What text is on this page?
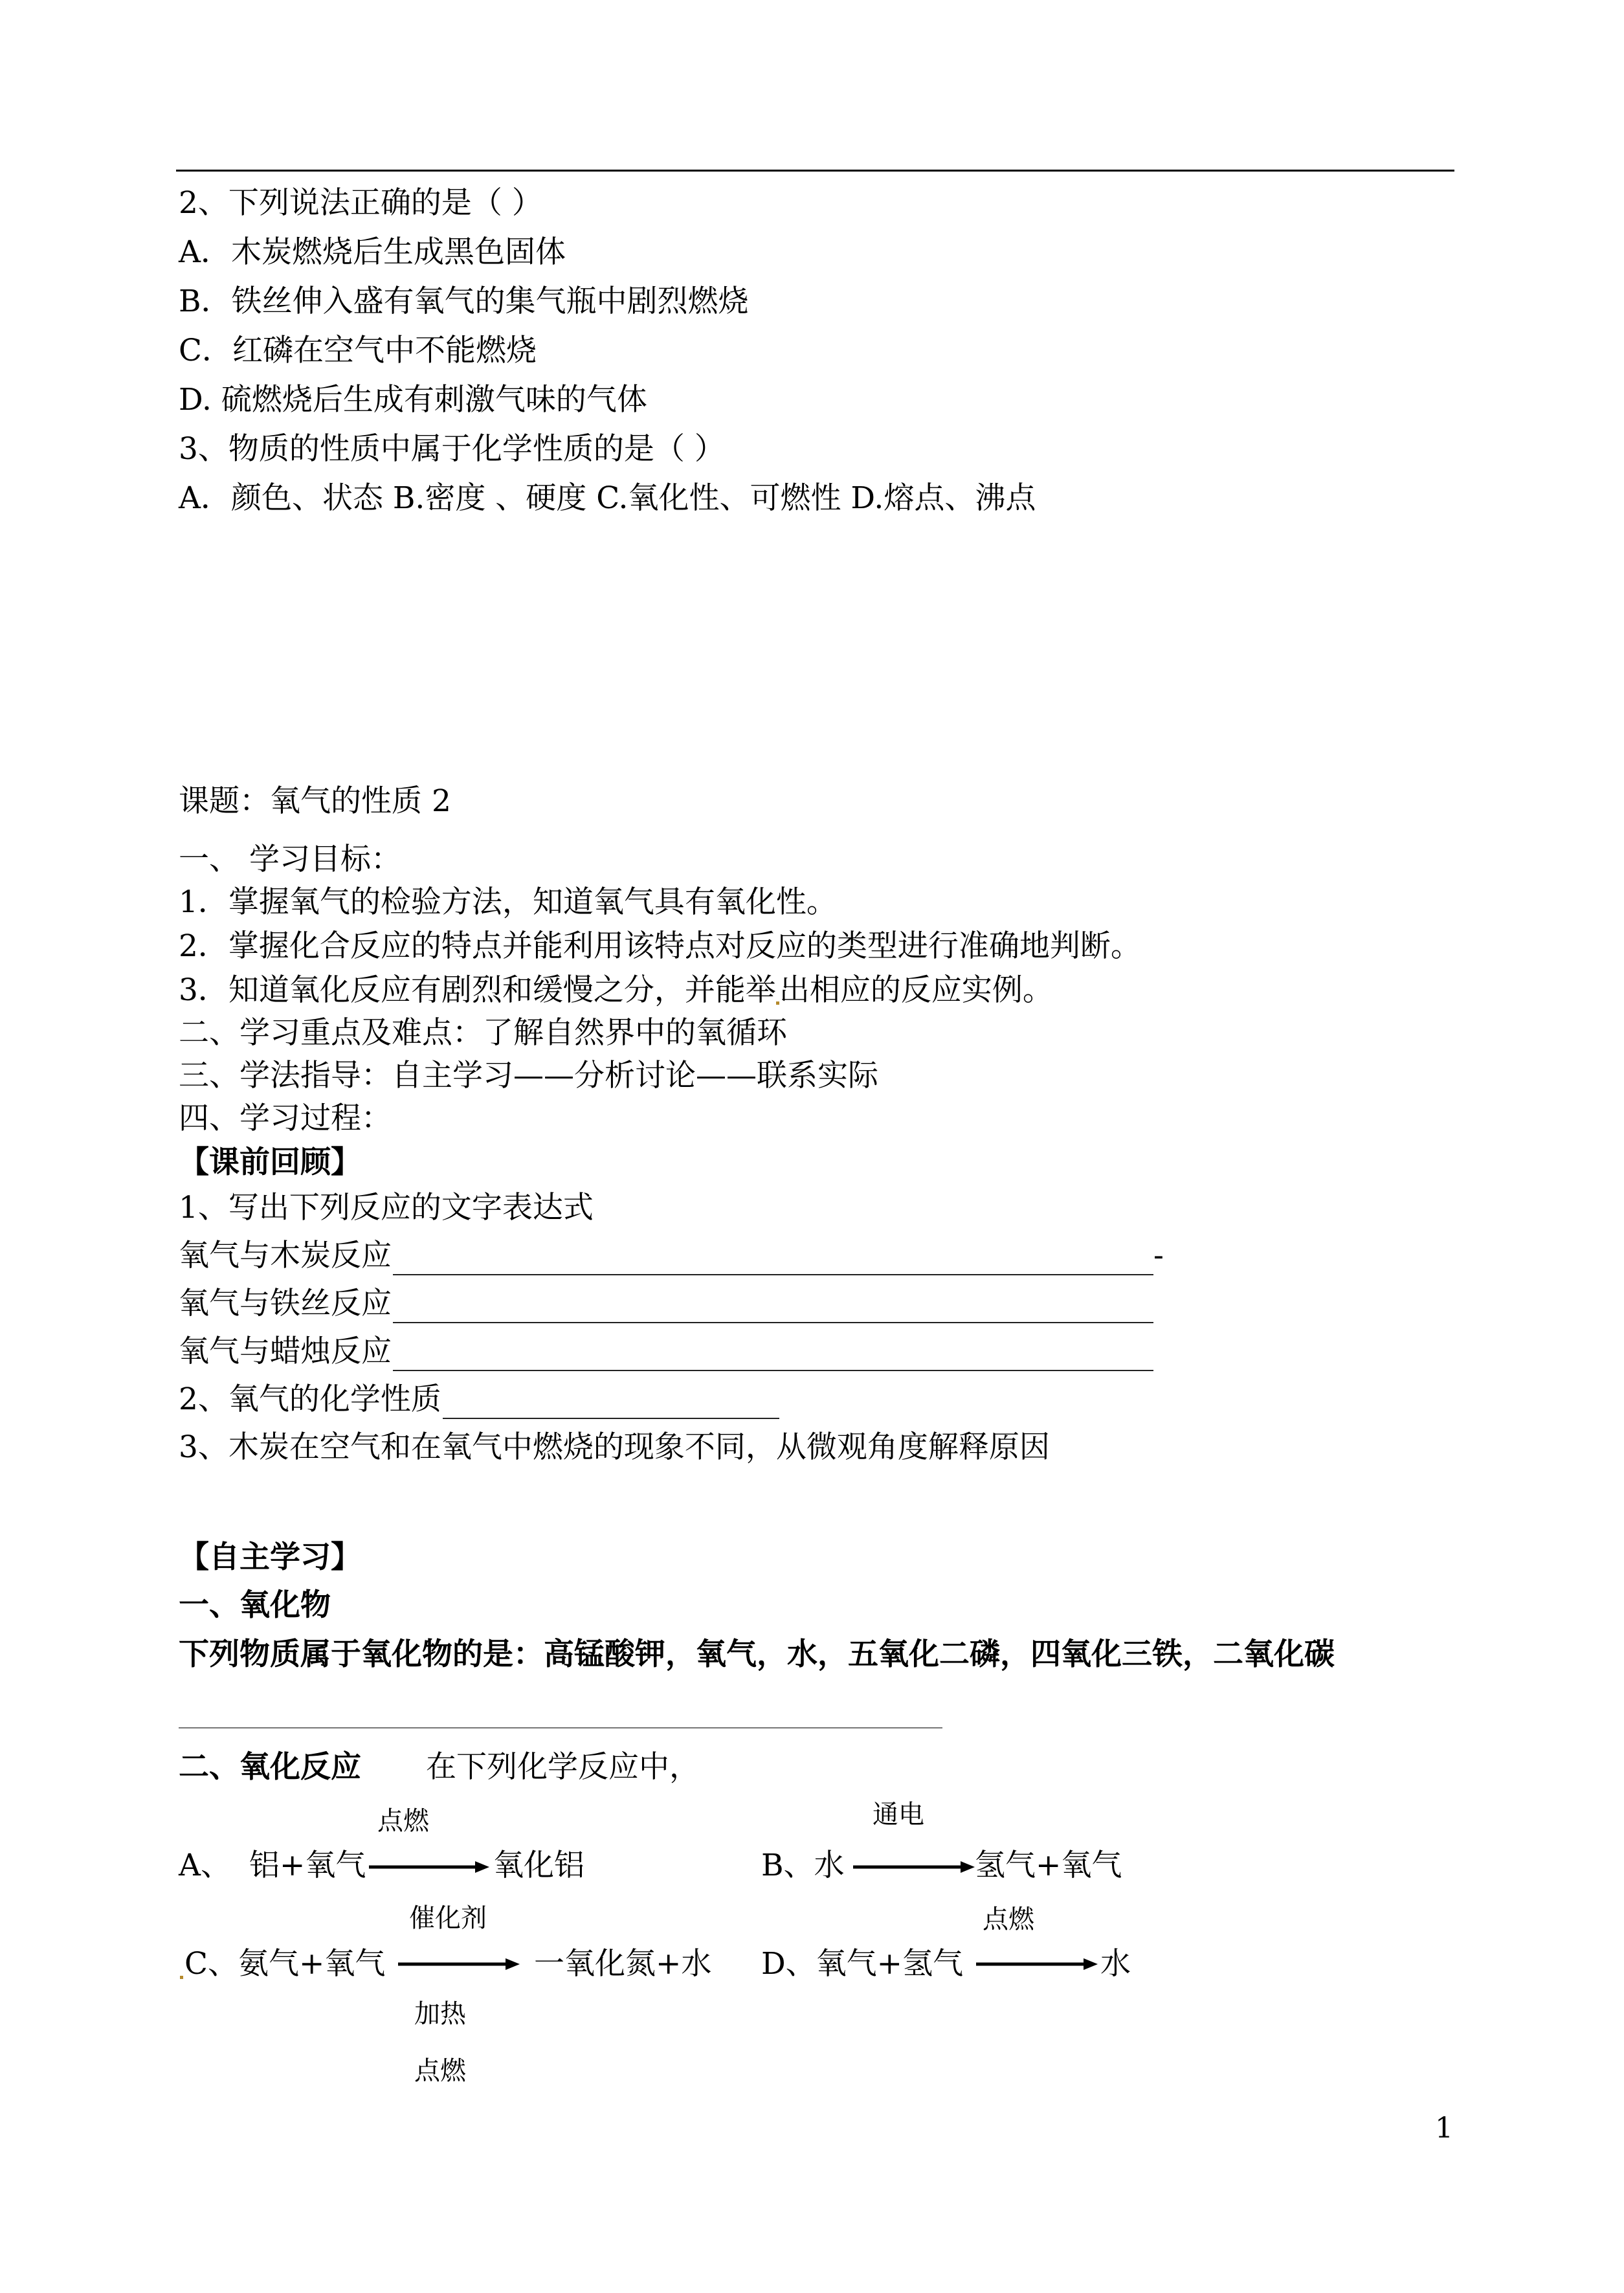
2、下列说法正确的是（ ）
A．木炭燃烧后生成黑色固体
B．铁丝伸入盛有氧气的集气瓶中剧烈燃烧
C．红磷在空气中不能燃烧
D. 硫燃烧后生成有刺激气味的气体
3、物质的性质中属于化学性质的是（ ）
A．颜色、状态 B.密度 、硬度 C.氧化性、可燃性 D.熔点、沸点
课题：氧气的性质 2
一、 学习目标：
1．掌握氧气的检验方法，知道氧气具有氧化性。
2．掌握化合反应的特点并能利用该特点对反应的类型进行准确地判断。
3．知道氧化反应有剧烈和缓慢之分，并能举 出相应的反应实例。
二、学习重点及难点：了解自然界中的氧循环
三、学法指导：自主学习——分析讨论——联系实际
四、学习过程：
【课前回顾】
1、写出下列反应的文字表达式
氧气与木炭反应	-
氧气与铁丝反应
氧气与蜡烛反应
2、氧气的化学性质
3、木炭在空气和在氧气中燃烧的现象不同，从微观角度解释原因
【自主学习】
一、氧化物
下列物质属于氧化物的是：高锰酸钾，氧气，水，五氧化二磷，四氧化三铁，二氧化碳
二、氧化反应 在下列化学反应中，
A、 铝+氧气
点燃
氧化铝	B、水
通电
氢气+氧气
C、氨气+氧气
催化剂
加热
一氧化氮+水 D、氧气+氢气
点燃
水
点燃
1
